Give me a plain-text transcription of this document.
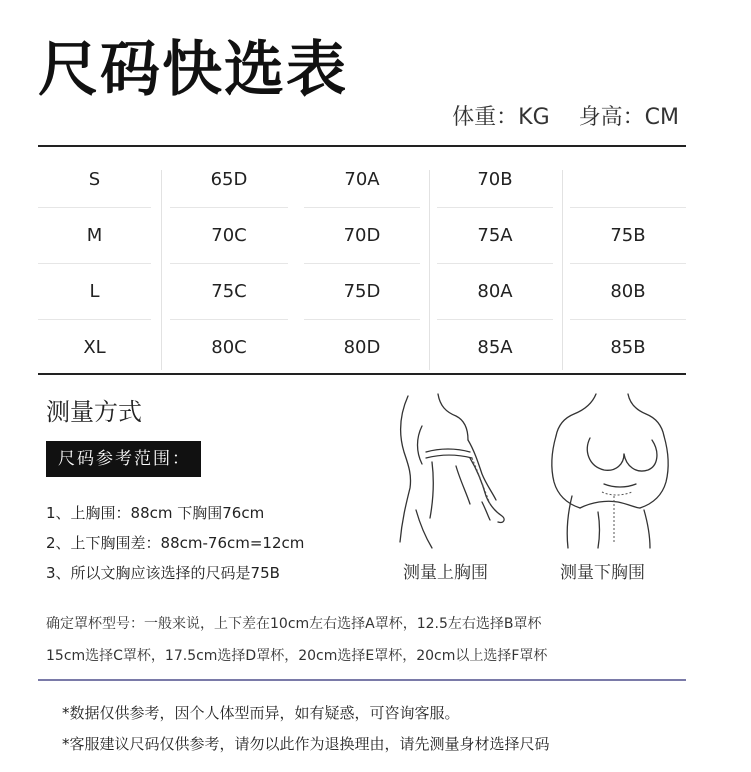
尺码快选表
体重：KG 身高：CM
S	65D	70A	70B
M	70C	70D	75A	75B
L	75C	75D	80A	80B
XL	80C	80D	85A	85B
测量方式
尺码参考范围：
1、上胸围：88cm 下胸围76cm
2、上下胸围差：88cm-76cm=12cm
3、所以文胸应该选择的尺码是75B	测量上胸围	测量下胸围
确定罩杯型号：一般来说，上下差在10cm左右选择A罩杯，12.5左右选择B罩杯
15cm选择C罩杯，17.5cm选择D罩杯，20cm选择E罩杯，20cm以上选择F罩杯
*数据仅供参考，因个人体型而异，如有疑惑，可咨询客服。
*客服建议尺码仅供参考，请勿以此作为退换理由，请先测量身材选择尺码
